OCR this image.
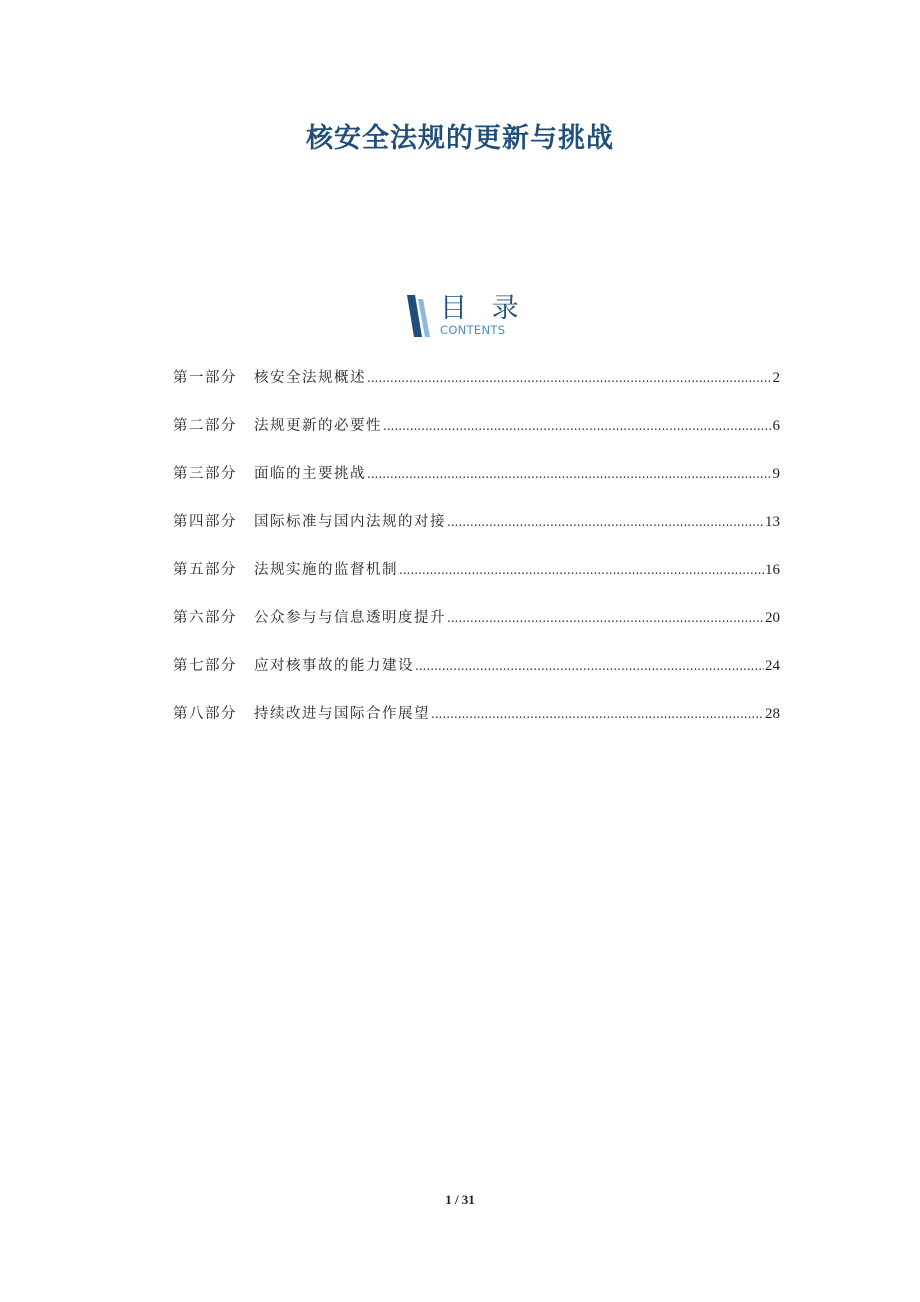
核安全法规的更新与挑战
目 录
CONTENTS
第一部分	核安全法规概述 .....	2
第二部分	法规更新的必要性 .....	6
第三部分	面临的主要挑战 .....	9
第四部分	国际标准与国内法规的对接 .....	13
第五部分	法规实施的监督机制 .....	16
第六部分	公众参与与信息透明度提升 .....	20
第七部分	应对核事故的能力建设 .....	24
第八部分	持续改进与国际合作展望 .....	28
1 / 31
